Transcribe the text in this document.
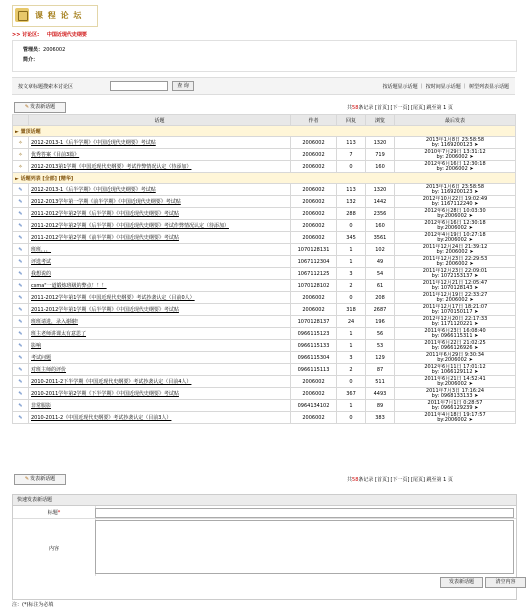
课 程 论 坛
>> 讨论区: 中国近现代史纲要
管理员：2006002
简介：
按文章标题搜索本讨论区	查 询	按话题显示话题 ｜ 按时间显示话题 ｜ 树型列表显示话题
✎ 发表新话题	共58条记录 [首页] [下一页] [尾页] 跳至第 1 页
	话题	作者	回复	浏览	最后发表
► 置顶话题					
✧	2012-2013-1《后半学期》《中国近现代史纲要》考试贴	2006002	113	1320	2013年1月8日 23:58:58
by: 1169200123 ➤
✧	优秀答案《目前3篇》	2006002	7	719	2010年7月29日 13:31:12
by: 2006002 ➤
✧	2012-2013第1学期《中国近现代史纲要》考试作弊情况认定（待添加）	2006002	0	160	2012年6月16日 12:30:18
by: 2006002 ➤
► 话题列表 [全部] [精华]					
✎	2012-2013-1《后半学期》《中国近现代史纲要》考试贴	2006002	113	1320	2013年1月6日 23:58:58
by: 1169200123 ➤
✎	2012-2013学年第一学期《前半学期》《中国近现代史纲要》考试贴	2006002	132	1442	2012年10月22日 19:02:49
by: 1167112240 ➤
✎	2011-2012学年第2学期《后半学期》《中国近现代史纲要》考试贴	2006002	288	2356	2012年6月28日 10:03:30
by:2006002 ➤
✎	2011-2012学年第2学期《后半学期》《中国近现代史纲要》考试作弊情况认定（待添加）	2006002	0	160	2012年6月16日 12:30:18
by:2006002 ➤
✎	2011-2012学年第2学期《前半学期》《中国近现代史纲要》考试贴	2006002	345	3561	2012年4月19日 10:27:18
by:2006002 ➤
✎	班班，，，	1070128131	1	102	2011年12月24日 21:39:12
by: 2006002 ➤
✎	评选考试	1067112304	1	49	2011年12月23日 22:29:53
by: 2006002 ➤
✎	我想说的	1067112125	3	54	2011年12月23日 22:09:01
by: 1072153137 ➤
✎	csma"一道锻炼班级的弊点！！！	1070128102	2	61	2011年12月21日 12:05:47
by: 1070128143 ➤
✎	2011-2012学年第1学期《中国近现代史纲要》考试抄袭认定（目前0人）	2006002	0	208	2011年12月19日 22:33:27
by: 2006002 ➤
✎	2011-2012学年第1学期《后半学期》《中国近现代史纲要》考试贴	2006002	318	2687	2011年12月17日 18:21:07
by: 1070150117 ➤
✎	班班请进，录入谢谢!	1070128137	24	196	2012年12月20日 22:17:33
by: 1171120221 ➤
✎	班主老师讲课太有意思了	0966115123	1	56	2011年6月23日 16:08:40
by: 0966115311 ➤
✎	影响	0966115133	1	53	2011年6月22日 21:02:25
by: 0966126926 ➤
✎	考试问题	0966115304	3	129	2011年6月29日 9:30:34
by:2006002 ➤
✎	对班主师的评价	0966115113	2	87	2012年6月11日 17:01:12
by: 1066129112 ➤
✎	2010-2011-2下半学期《中国近现代史纲要》考试抄袭认定（目前4人）	2006002	0	511	2011年6月21日 14:52:41
by:2006002 ➤
✎	2010-2011学年第2学期《下半学期》《中国近现代史纲要》考试贴	2006002	367	4493	2011年7月3日 17:16:24
by: 0968133133 ➤
✎	非常服影	0964134102	1	89	2011年7月1日 0:28:57
by: 0966129239 ➤
✎	2010-2011-2《中国近现代史纲要》考试抄袭认定（目前3人）	2006002	0	383	2011年4月18日 19:17:57
by:2006002 ➤
✎ 发表新话题	共58条记录 [首页] [下一页] [尾页] 跳至第 1 页
快速发表新话题
标题*
内容
发表新话题	清空内容
注：(*)标注为必填
